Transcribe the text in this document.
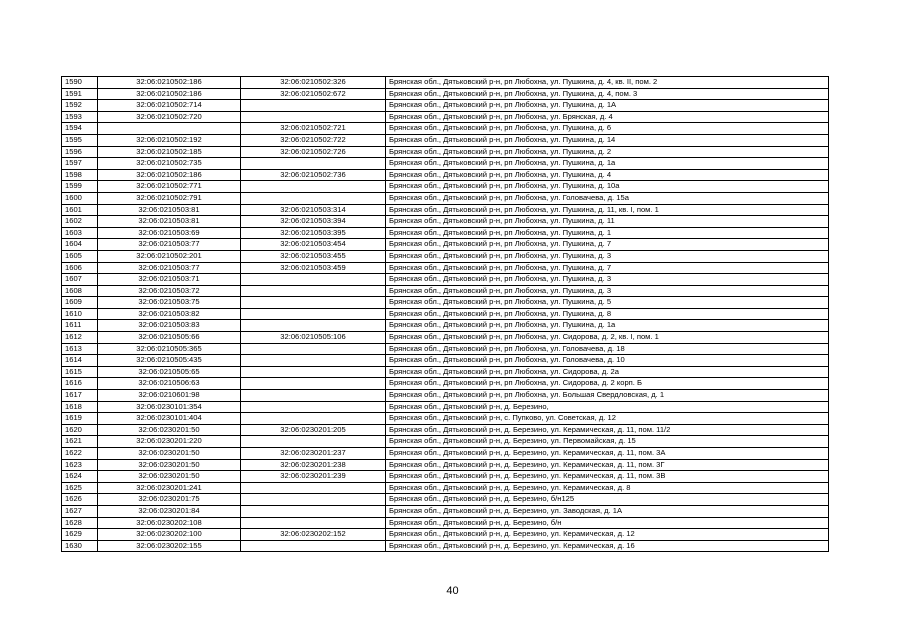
1590	32:06:0210502:186	32:06:0210502:326	Брянская обл., Дятьковский р-н, рп Любохна, ул. Пушкина, д. 4, кв. II, пом. 2
1591	32:06:0210502:186	32:06:0210502:672	Брянская обл., Дятьковский р-н, рп Любохна, ул. Пушкина, д. 4, пом. 3
1592	32:06:0210502:714		Брянская обл., Дятьковский р-н, рп Любохна, ул. Пушкина, д. 1А
1593	32:06:0210502:720		Брянская обл., Дятьковский р-н, рп Любохна, ул. Брянская, д. 4
1594		32:06:0210502:721	Брянская обл., Дятьковский р-н, рп Любохна, ул. Пушкина, д. 6
1595	32:06:0210502:192	32:06:0210502:722	Брянская обл., Дятьковский р-н, рп Любохна, ул. Пушкина, д. 14
1596	32:06:0210502:185	32:06:0210502:726	Брянская обл., Дятьковский р-н, рп Любохна, ул. Пушкина, д. 2
1597	32:06:0210502:735		Брянская обл., Дятьковский р-н, рп Любохна, ул. Пушкина, д. 1а
1598	32:06:0210502:186	32:06:0210502:736	Брянская обл., Дятьковский р-н, рп Любохна, ул. Пушкина, д. 4
1599	32:06:0210502:771		Брянская обл., Дятьковский р-н, рп Любохна, ул. Пушкина, д. 10а
1600	32:06:0210502:791		Брянская обл., Дятьковский р-н, рп Любохна, ул. Головачева, д. 15а
1601	32:06:0210503:81	32:06:0210503:314	Брянская обл., Дятьковский р-н, рп Любохна, ул. Пушкина, д. 11, кв. I, пом. 1
1602	32:06:0210503:81	32:06:0210503:394	Брянская обл., Дятьковский р-н, рп Любохна, ул. Пушкина, д. 11
1603	32:06:0210503:69	32:06:0210503:395	Брянская обл., Дятьковский р-н, рп Любохна, ул. Пушкина, д. 1
1604	32:06:0210503:77	32:06:0210503:454	Брянская обл., Дятьковский р-н, рп Любохна, ул. Пушкина, д. 7
1605	32:06:0210502:201	32:06:0210503:455	Брянская обл., Дятьковский р-н, рп Любохна, ул. Пушкина, д. 3
1606	32:06:0210503:77	32:06:0210503:459	Брянская обл., Дятьковский р-н, рп Любохна, ул. Пушкина, д. 7
1607	32:06:0210503:71		Брянская обл., Дятьковский р-н, рп Любохна, ул. Пушкина, д. 3
1608	32:06:0210503:72		Брянская обл., Дятьковский р-н, рп Любохна, ул. Пушкина, д. 3
1609	32:06:0210503:75		Брянская обл., Дятьковский р-н, рп Любохна, ул. Пушкина, д. 5
1610	32:06:0210503:82		Брянская обл., Дятьковский р-н, рп Любохна, ул. Пушкина, д. 8
1611	32:06:0210503:83		Брянская обл., Дятьковский р-н, рп Любохна, ул. Пушкина, д. 1а
1612	32:06:0210505:66	32:06:0210505:106	Брянская обл., Дятьковский р-н, рп Любохна, ул. Сидорова, д. 2, кв. I, пом. 1
1613	32:06:0210505:365		Брянская обл., Дятьковский р-н, рп Любохна, ул. Головачева, д. 18
1614	32:06:0210505:435		Брянская обл., Дятьковский р-н, рп Любохна, ул. Головачева, д. 10
1615	32:06:0210505:65		Брянская обл., Дятьковский р-н, рп Любохна, ул. Сидорова, д. 2а
1616	32:06:0210506:63		Брянская обл., Дятьковский р-н, рп Любохна, ул. Сидорова, д. 2 корп. Б
1617	32:06:0210601:98		Брянская обл., Дятьковский р-н, рп Любохна, ул. Большая Свердловская, д. 1
1618	32:06:0230101:354		Брянская обл., Дятьковский р-н, д. Березино,
1619	32:06:0230101:404		Брянская обл., Дятьковский р-н, с. Пупково, ул. Советская, д. 12
1620	32:06:0230201:50	32:06:0230201:205	Брянская обл., Дятьковский р-н, д. Березино, ул. Керамическая, д. 11, пом. 11/2
1621	32:06:0230201:220		Брянская обл., Дятьковский р-н, д. Березино, ул. Первомайская, д. 15
1622	32:06:0230201:50	32:06:0230201:237	Брянская обл., Дятьковский р-н, д. Березино, ул. Керамическая, д. 11, пом. 3А
1623	32:06:0230201:50	32:06:0230201:238	Брянская обл., Дятьковский р-н, д. Березино, ул. Керамическая, д. 11, пом. 3Г
1624	32:06:0230201:50	32:06:0230201:239	Брянская обл., Дятьковский р-н, д. Березино, ул. Керамическая, д. 11, пом. 3В
1625	32:06:0230201:241		Брянская обл., Дятьковский р-н, д. Березино, ул. Керамическая, д. 8
1626	32:06:0230201:75		Брянская обл., Дятьковский р-н, д. Березино, б/н125
1627	32:06:0230201:84		Брянская обл., Дятьковский р-н, д. Березино, ул. Заводская, д. 1А
1628	32:06:0230202:108		Брянская обл., Дятьковский р-н, д. Березино, б/н
1629	32:06:0230202:100	32:06:0230202:152	Брянская обл., Дятьковский р-н, д. Березино, ул. Керамическая, д. 12
1630	32:06:0230202:155		Брянская обл., Дятьковский р-н, д. Березино, ул. Керамическая, д. 16
40
